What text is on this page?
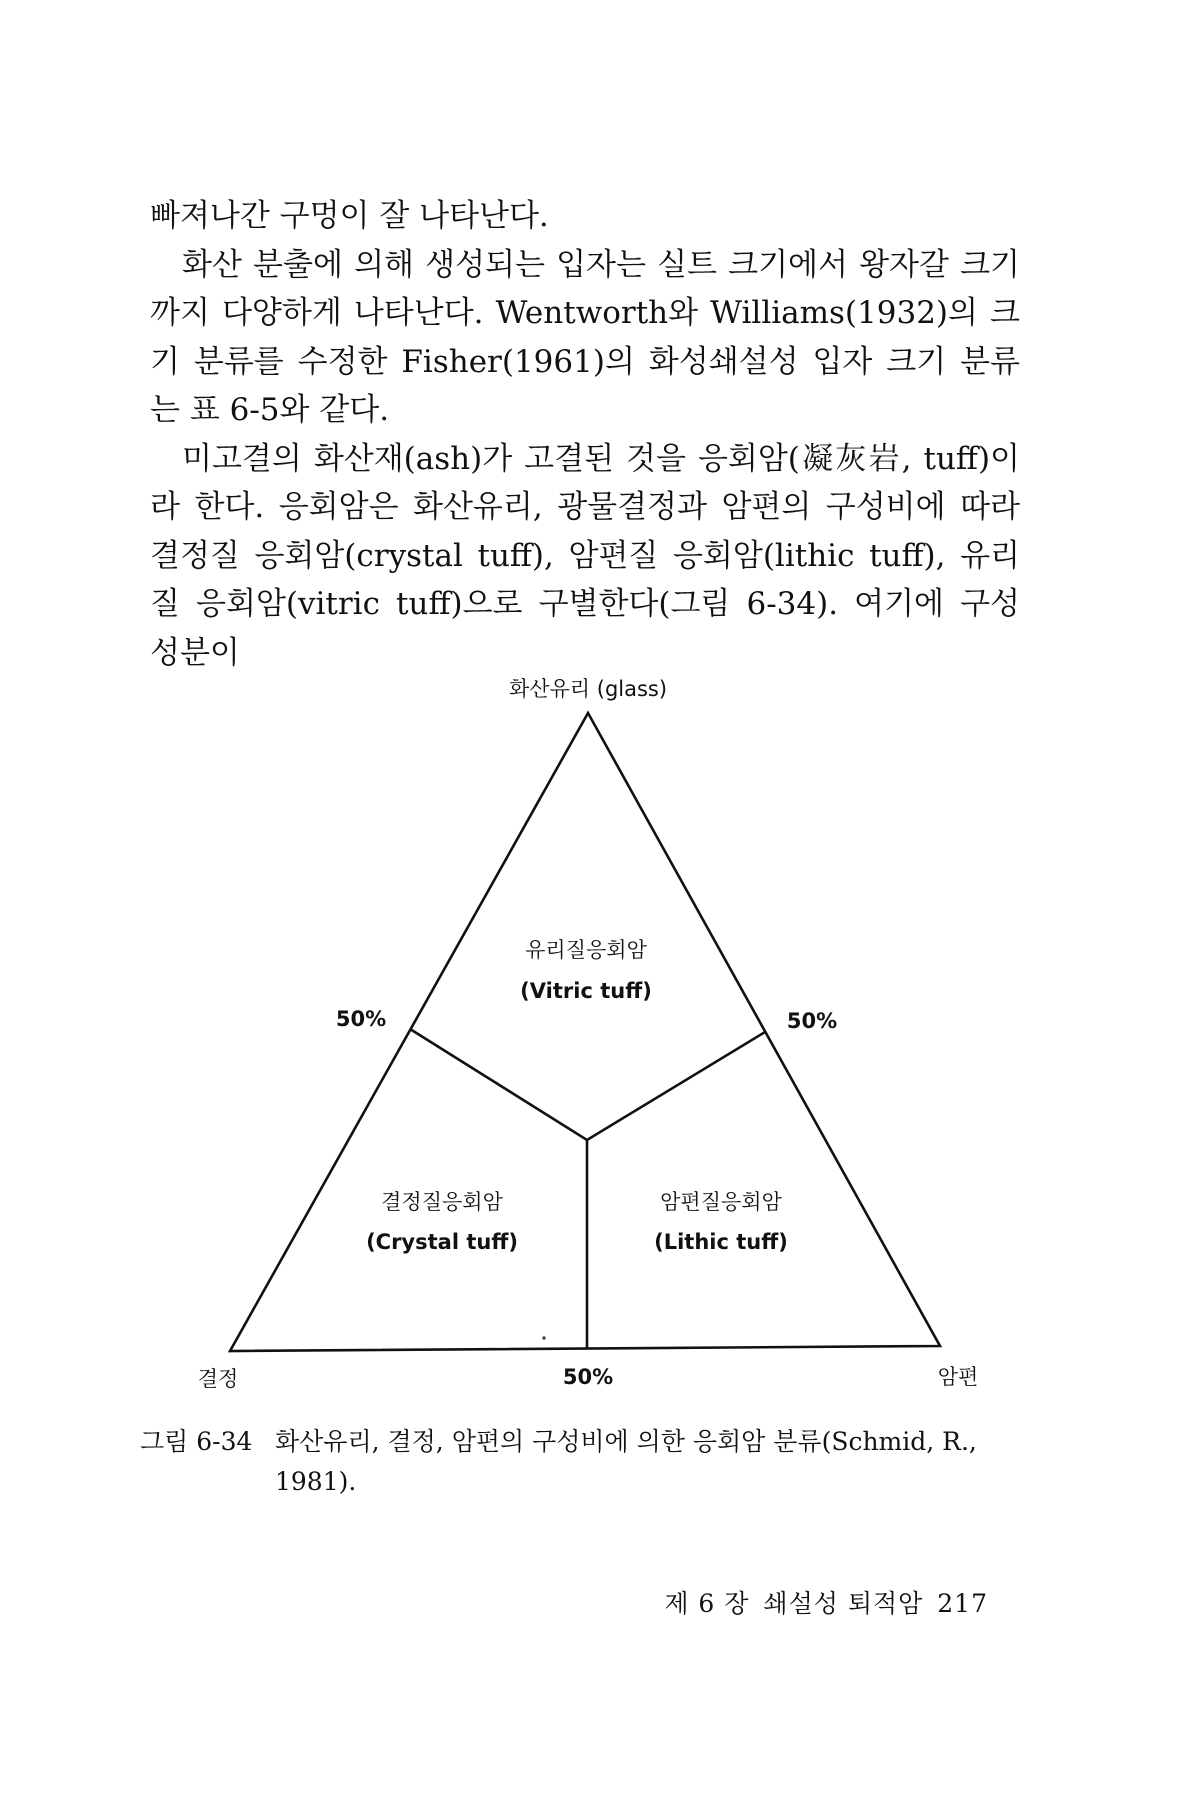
빠져나간 구멍이 잘 나타난다.

화산 분출에 의해 생성되는 입자는 실트 크기에서 왕자갈 크기까지 다양하게 나타난다. Wentworth와 Williams(1932)의 크기 분류를 수정한 Fisher(1961)의 화성쇄설성 입자 크기 분류는 표 6-5와 같다.

미고결의 화산재(ash)가 고결된 것을 응회암(凝灰岩, tuff)이라 한다. 응회암은 화산유리, 광물결정과 암편의 구성비에 따라 결정질 응회암(crystal tuff), 암편질 응회암(lithic tuff), 유리질 응회암(vitric tuff)으로 구별한다(그림 6-34). 여기에 구성 성분이

화산유리 (glass)
결정	암편
50%	50%
50%
유리질응회암
(Vitric tuff)
결정질응회암
(Crystal tuff)
암편질응회암
(Lithic tuff)
그림 6-34 화산유리, 결정, 암편의 구성비에 의한 응회암 분류(Schmid, R., 1981).
제 6 장 쇄설성 퇴적암 217
